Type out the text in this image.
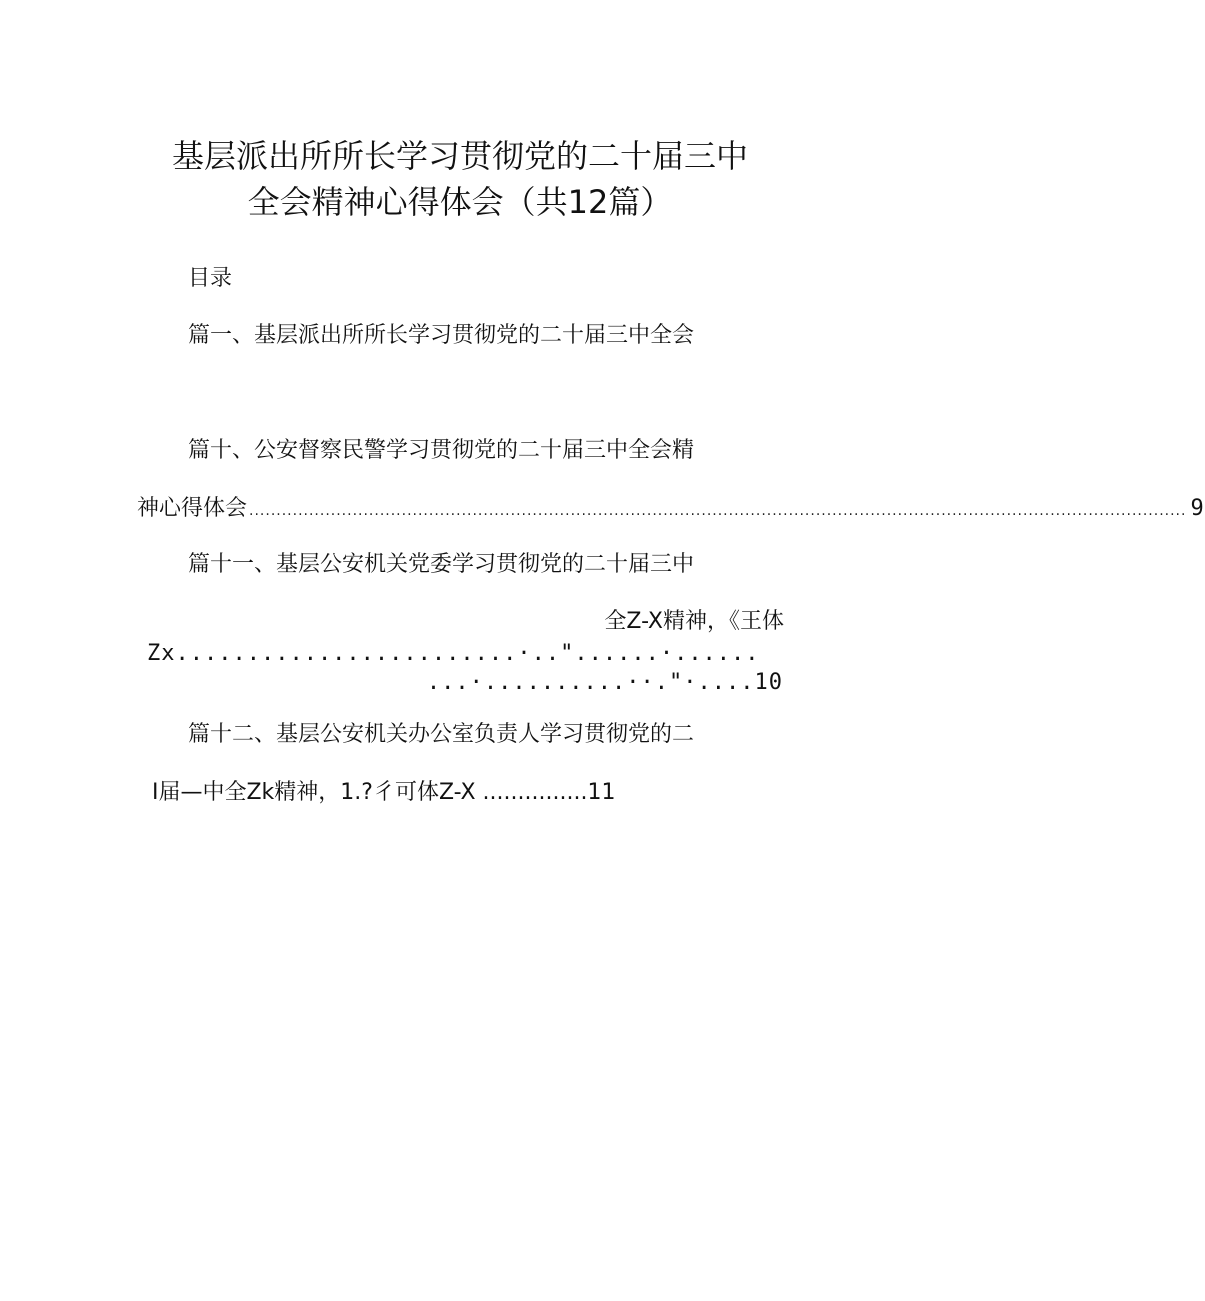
基层派出所所长学习贯彻党的二十届三中
全会精神心得体会（共12篇）
目录
篇一、基层派出所所长学习贯彻党的二十届三中全会
篇十、公安督察民警学习贯彻党的二十届三中全会精
神心得体会 ............................................................................................................................................................................ 9
篇十一、基层公安机关党委学习贯彻党的二十届三中
全Z-X精神，《王体
Zx........................·.."......·......
...·..........··."·....10
篇十二、基层公安机关办公室负责人学习贯彻党的二
I届—中全Zk精神，1.?彳可体Z-X ...............11
